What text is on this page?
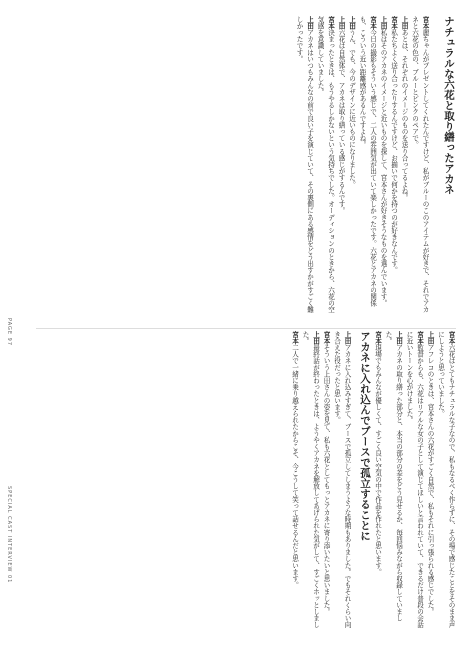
PAGE 97
SPECIAL CAST INTERVIEW 01
ナチュラルな六花と取り繕ったアカネ

宮本麗ちゃんがプレゼントしてくれたんですけど、私がブルーのこのアイテムが好きで、それでアカネと六花の色の、ブルーとピンクのペアで。

上田あとは、それぞれのイメージのものを送り合ってるよね。

宮本私たちよく送り合ったりするんですけど、お揃いで何かを持つのが好きなんです。

上田私はそのアカネのイメージと近いものを探して、宮本さんが好きそうなものを選んでいます。

宮本今日の撮影もそういう感じで、二人の雰囲気が出ていて楽しかったです。六花とアカネの関係も、こういう近い距離感があるんですよね。

上田うん、でも、今のデザインに近いものになりました。

上田六花は自然体で、アカネは取り繕っている感じがするんです。

宮本決まったときは、もうやるしかないという気持ちでした。オーディションのときから、六花の空気感を意識していました。

上田アカネはいつもみんなの前で良い子を演じていて、その裏側にある感情をどう出すかがすごく難しかったです。

宮本六花はとてもナチュラルな子なので、私もなるべく作らずに、その場で感じたことをそのまま声にしようと思っていました。

上田アフレコのときは、宮本さんの六花がすごく自然で、私もそれに引っ張られる感じでした。

宮本監督からも、六花はリアルな女の子として演じてほしいと言われていて、できるだけ普段の会話に近いトーンを心がけました。

上田アカネの取り繕った部分と、本当の部分の差をどう見せるか、毎回悩みながら収録していました。

宮本現場でもみんなが優しくて、すごく良い空気の中で作品を作れたと思います。

アカネに入れ込んでブースで孤立することに

上田アカネに入れ込みすぎて、ブースで孤立してしまうような時期もありました。でもそれくらい向き合えた役だったと思います。

宮本そういう上田さんの姿を見て、私も六花としてもっとアカネに寄り添いたいと思いました。

上田最終話が終わったときは、ようやくアカネを解放してあげられた気がして、すごくホッとしました。

宮本二人で一緒に乗り越えられたからこそ、今こうして笑って話せるんだと思います。
